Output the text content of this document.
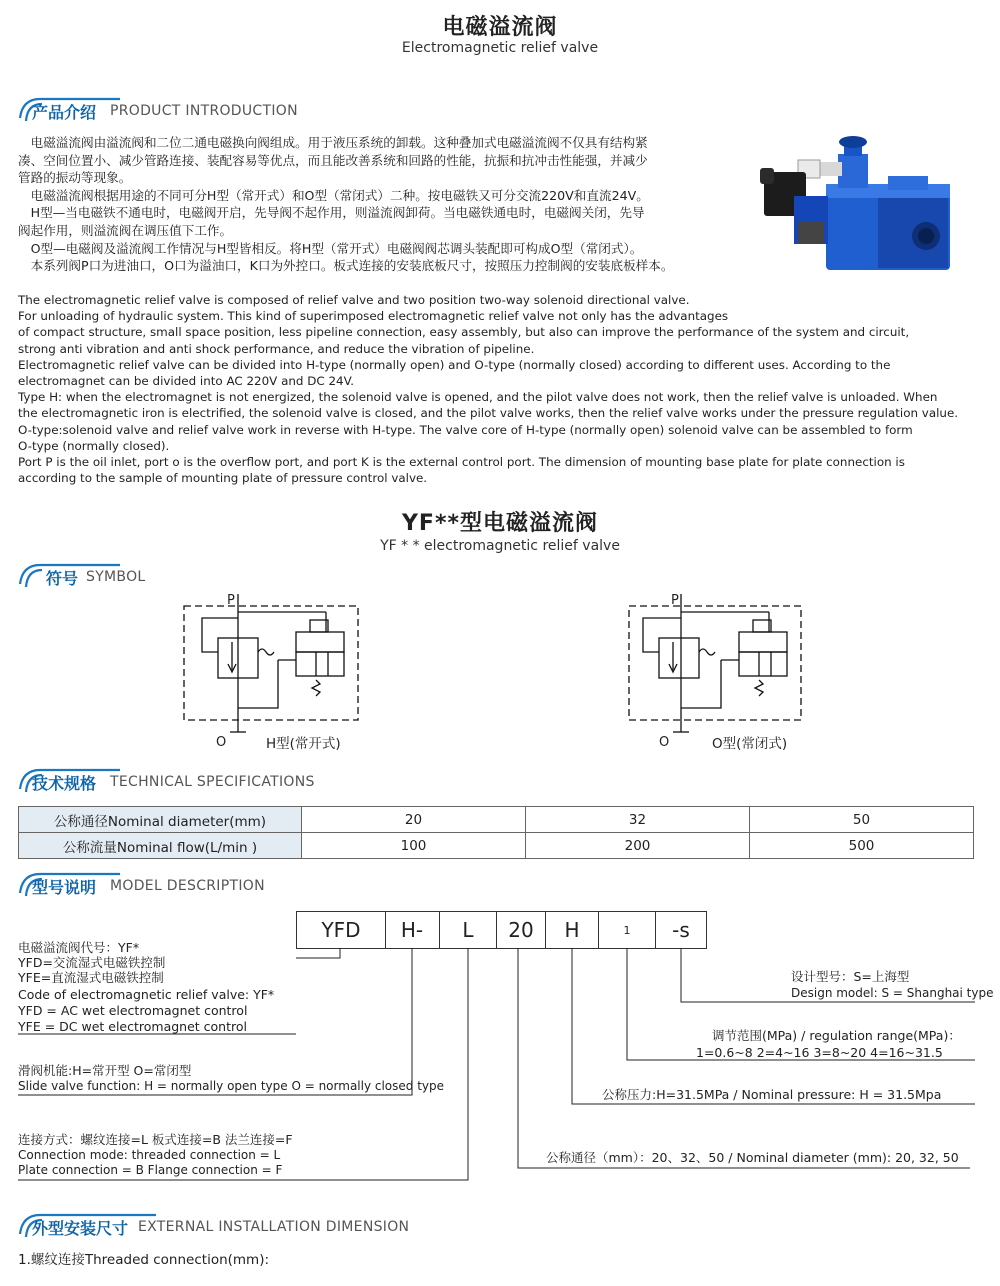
电磁溢流阀
Electromagnetic relief valve
产品介绍	PRODUCT INTRODUCTION
　电磁溢流阀由溢流阀和二位二通电磁换向阀组成。用于液压系统的卸载。这种叠加式电磁溢流阀不仅具有结构紧
凑、空间位置小、减少管路连接、装配容易等优点，而且能改善系统和回路的性能，抗振和抗冲击性能强，并减少
管路的振动等现象。
　电磁溢流阀根据用途的不同可分H型（常开式）和O型（常闭式）二种。按电磁铁又可分交流220V和直流24V。
　H型—当电磁铁不通电时，电磁阀开启，先导阀不起作用，则溢流阀卸荷。当电磁铁通电时，电磁阀关闭，先导
阀起作用，则溢流阀在调压值下工作。
　O型—电磁阀及溢流阀工作情况与H型皆相反。将H型（常开式）电磁阀阀芯调头装配即可构成O型（常闭式）。
　本系列阀P口为进油口，O口为溢油口，K口为外控口。板式连接的安装底板尺寸，按照压力控制阀的安装底板样本。
The electromagnetic relief valve is composed of relief valve and two position two-way solenoid directional valve.
For unloading of hydraulic system. This kind of superimposed electromagnetic relief valve not only has the advantages
of compact structure, small space position, less pipeline connection, easy assembly, but also can improve the performance of the system and circuit,
strong anti vibration and anti shock performance, and reduce the vibration of pipeline.
Electromagnetic relief valve can be divided into H-type (normally open) and O-type (normally closed) according to different uses. According to the
electromagnet can be divided into AC 220V and DC 24V.
Type H: when the electromagnet is not energized, the solenoid valve is opened, and the pilot valve does not work, then the relief valve is unloaded. When
the electromagnetic iron is electrified, the solenoid valve is closed, and the pilot valve works, then the relief valve works under the pressure regulation value.
O-type:solenoid valve and relief valve work in reverse with H-type. The valve core of H-type (normally open) solenoid valve can be assembled to form
O-type (normally closed).
Port P is the oil inlet, port o is the overflow port, and port K is the external control port. The dimension of mounting base plate for plate connection is
according to the sample of mounting plate of pressure control valve.
YF**型电磁溢流阀
YF * * electromagnetic relief valve
符号 SYMBOL
P
O	H型(常开式)
P
O	O型(常闭式)
技术规格	TECHNICAL SPECIFICATIONS
公称通径Nominal diameter(mm)	20	32	50
公称流量Nominal flow(L/min )	100	200	500
型号说明	MODEL DESCRIPTION
YFD	H-	L	20	H	1	-s
电磁溢流阀代号：YF*
YFD=交流湿式电磁铁控制
YFE=直流湿式电磁铁控制
Code of electromagnetic relief valve: YF*
YFD = AC wet electromagnet control
YFE = DC wet electromagnet control
滑阀机能:H=常开型 O=常闭型
Slide valve function: H = normally open type O = normally closed type
连接方式：螺纹连接=L 板式连接=B 法兰连接=F
Connection mode: threaded connection = L
Plate connection = B Flange connection = F
设计型号：S=上海型
Design model: S = Shanghai type
调节范围(MPa) / regulation range(MPa)：
1=0.6~8 2=4~16 3=8~20 4=16~31.5
公称压力:H=31.5MPa / Nominal pressure: H = 31.5Mpa
公称通径（mm）：20、32、50 / Nominal diameter (mm): 20, 32, 50
外型安装尺寸 EXTERNAL INSTALLATION DIMENSION
1.螺纹连接Threaded connection(mm):
